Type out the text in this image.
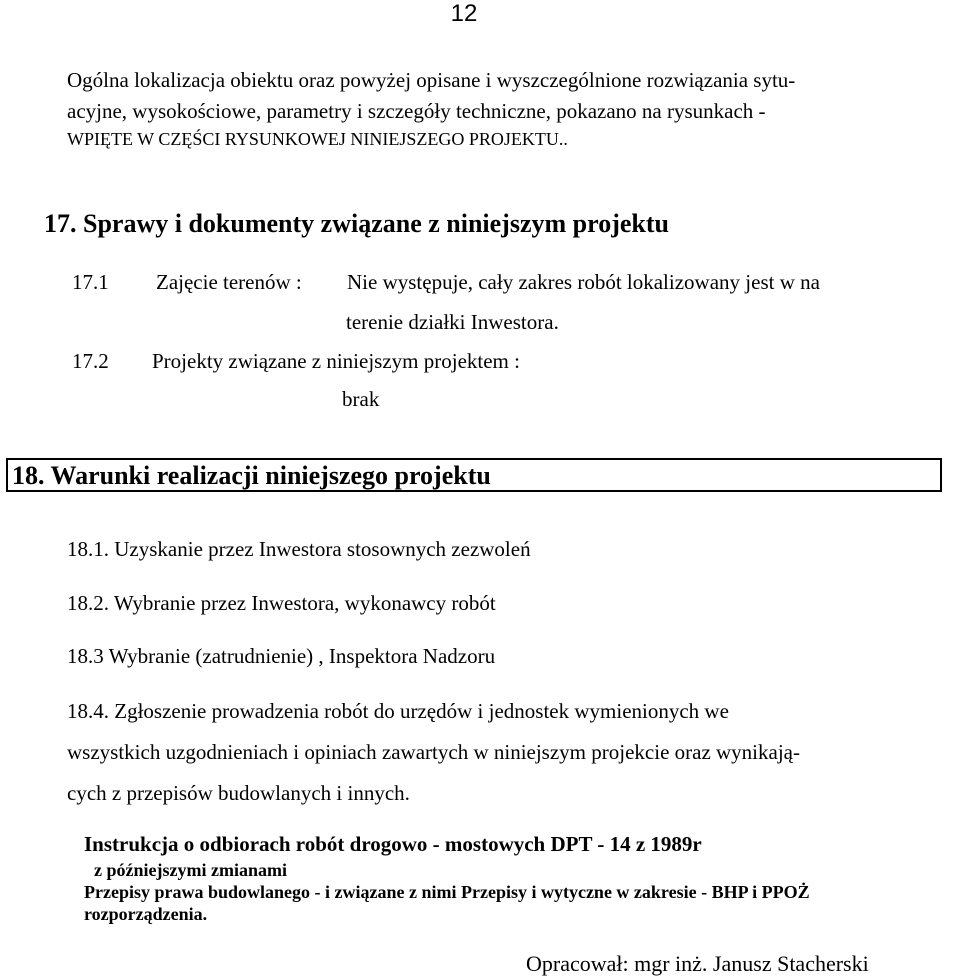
12
Ogólna lokalizacja obiektu oraz powyżej opisane i wyszczególnione rozwiązania sytu-
acyjne, wysokościowe, parametry i szczegóły techniczne, pokazano na rysunkach -
WPIĘTE W CZĘŚCI RYSUNKOWEJ NINIEJSZEGO PROJEKTU..
17. Sprawy i dokumenty związane z niniejszym projektu
17.1 Zajęcie terenów : Nie występuje, cały zakres robót lokalizowany jest w na
terenie działki Inwestora.
17.2 Projekty związane z niniejszym projektem :
brak
18. Warunki realizacji niniejszego projektu
18.1. Uzyskanie przez Inwestora stosownych zezwoleń
18.2. Wybranie przez Inwestora, wykonawcy robót
18.3 Wybranie (zatrudnienie) , Inspektora Nadzoru
18.4. Zgłoszenie prowadzenia robót do urzędów i jednostek wymienionych we
wszystkich uzgodnieniach i opiniach zawartych w niniejszym projekcie oraz wynikają-
cych z przepisów budowlanych i innych.
Instrukcja o odbiorach robót drogowo - mostowych DPT - 14 z 1989r
z późniejszymi zmianami
Przepisy prawa budowlanego - i związane z nimi Przepisy i wytyczne w zakresie - BHP i PPOŻ
rozporządzenia.
Opracował: mgr inż. Janusz Stacherski
